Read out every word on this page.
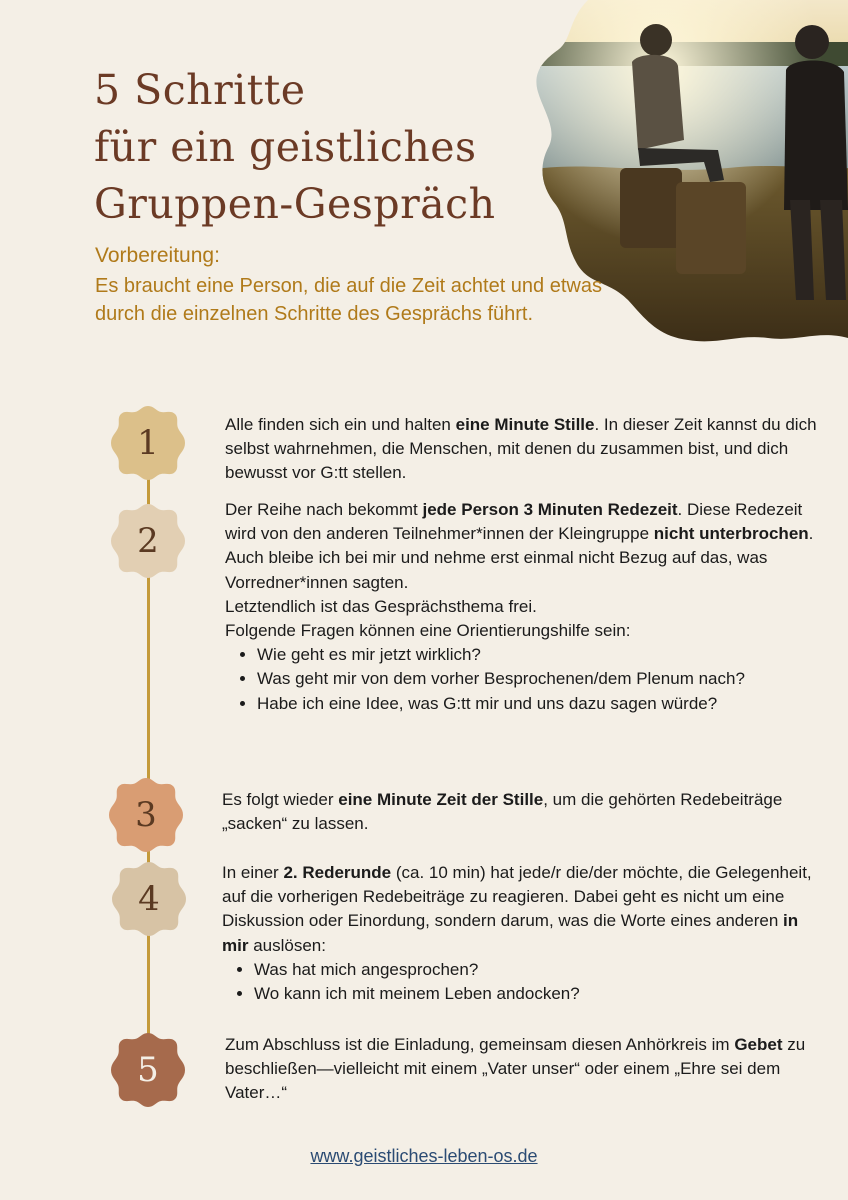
5 Schritte
für ein geistliches
Gruppen-Gespräch
Vorbereitung:
Es braucht eine Person, die auf die Zeit achtet und etwas durch die einzelnen Schritte des Gesprächs führt.
1
2
3
4
5

Alle finden sich ein und halten eine Minute Stille. In dieser Zeit kannst du dich selbst wahrnehmen, die Menschen, mit denen du zusammen bist, und dich bewusst vor G:tt stellen.

Der Reihe nach bekommt jede Person 3 Minuten Redezeit. Diese Redezeit wird von den anderen Teilnehmer*innen der Kleingruppe nicht unterbrochen. Auch bleibe ich bei mir und nehme erst einmal nicht Bezug auf das, was Vorredner*innen sagten.

Letztendlich ist das Gesprächsthema frei.

Folgende Fragen können eine Orientierungshilfe sein:

• Wie geht es mir jetzt wirklich?
• Was geht mir von dem vorher Besprochenen/dem Plenum nach?
• Habe ich eine Idee, was G:tt mir und uns dazu sagen würde?

Es folgt wieder eine Minute Zeit der Stille, um die gehörten Redebeiträge „sacken“ zu lassen.

In einer 2. Rederunde (ca. 10 min) hat jede/r die/der möchte, die Gelegenheit, auf die vorherigen Redebeiträge zu reagieren. Dabei geht es nicht um eine Diskussion oder Einordung, sondern darum, was die Worte eines anderen in mir auslösen:

• Was hat mich angesprochen?
• Wo kann ich mit meinem Leben andocken?

Zum Abschluss ist die Einladung, gemeinsam diesen Anhörkreis im Gebet zu beschließen—vielleicht mit einem „Vater unser“ oder einem „Ehre sei dem Vater…“

www.geistliches-leben-os.de
